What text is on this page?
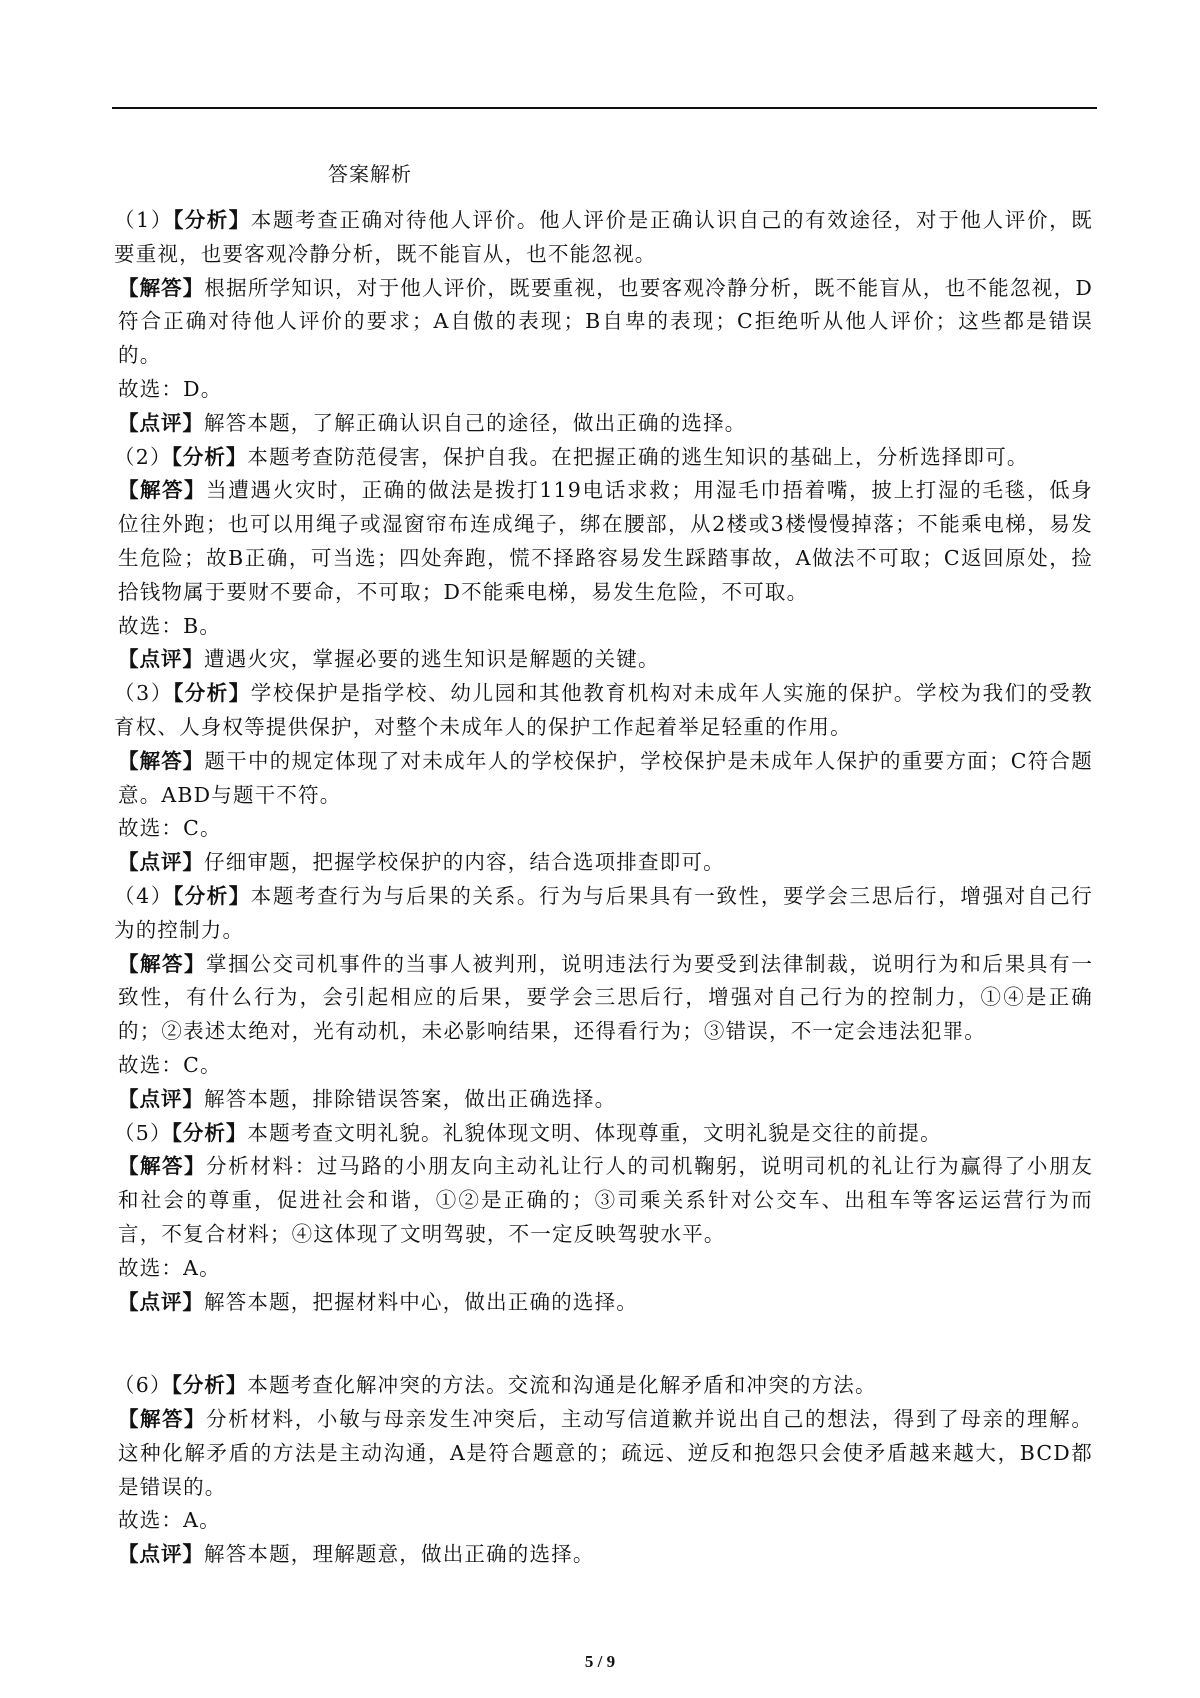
答案解析
（1）【分析】本题考查正确对待他人评价。他人评价是正确认识自己的有效途径，对于他人评价，既要重视，也要客观冷静分析，既不能盲从，也不能忽视。
【解答】根据所学知识，对于他人评价，既要重视，也要客观冷静分析，既不能盲从，也不能忽视，D符合正确对待他人评价的要求；A自傲的表现；B自卑的表现；C拒绝听从他人评价；这些都是错误的。
故选：D。
【点评】解答本题，了解正确认识自己的途径，做出正确的选择。
（2）【分析】本题考查防范侵害，保护自我。在把握正确的逃生知识的基础上，分析选择即可。
【解答】当遭遇火灾时，正确的做法是拨打119电话求救；用湿毛巾捂着嘴，披上打湿的毛毯，低身位往外跑；也可以用绳子或湿窗帘布连成绳子，绑在腰部，从2楼或3楼慢慢掉落；不能乘电梯，易发生危险；故B正确，可当选；四处奔跑，慌不择路容易发生踩踏事故，A做法不可取；C返回原处，捡拾钱物属于要财不要命，不可取；D不能乘电梯，易发生危险，不可取。
故选：B。
【点评】遭遇火灾，掌握必要的逃生知识是解题的关键。
（3）【分析】学校保护是指学校、幼儿园和其他教育机构对未成年人实施的保护。学校为我们的受教育权、人身权等提供保护，对整个未成年人的保护工作起着举足轻重的作用。
【解答】题干中的规定体现了对未成年人的学校保护，学校保护是未成年人保护的重要方面；C符合题意。ABD与题干不符。
故选：C。
【点评】仔细审题，把握学校保护的内容，结合选项排查即可。
（4）【分析】本题考查行为与后果的关系。行为与后果具有一致性，要学会三思后行，增强对自己行为的控制力。
【解答】掌掴公交司机事件的当事人被判刑，说明违法行为要受到法律制裁，说明行为和后果具有一致性，有什么行为，会引起相应的后果，要学会三思后行，增强对自己行为的控制力，①④是正确的；②表述太绝对，光有动机，未必影响结果，还得看行为；③错误，不一定会违法犯罪。
故选：C。
【点评】解答本题，排除错误答案，做出正确选择。
（5）【分析】本题考查文明礼貌。礼貌体现文明、体现尊重，文明礼貌是交往的前提。
【解答】分析材料：过马路的小朋友向主动礼让行人的司机鞠躬，说明司机的礼让行为赢得了小朋友和社会的尊重，促进社会和谐，①②是正确的；③司乘关系针对公交车、出租车等客运运营行为而言，不复合材料；④这体现了文明驾驶，不一定反映驾驶水平。
故选：A。
【点评】解答本题，把握材料中心，做出正确的选择。
（6）【分析】本题考查化解冲突的方法。交流和沟通是化解矛盾和冲突的方法。
【解答】分析材料，小敏与母亲发生冲突后，主动写信道歉并说出自己的想法，得到了母亲的理解。这种化解矛盾的方法是主动沟通，A是符合题意的；疏远、逆反和抱怨只会使矛盾越来越大，BCD都是错误的。
故选：A。
【点评】解答本题，理解题意，做出正确的选择。
5 / 9
